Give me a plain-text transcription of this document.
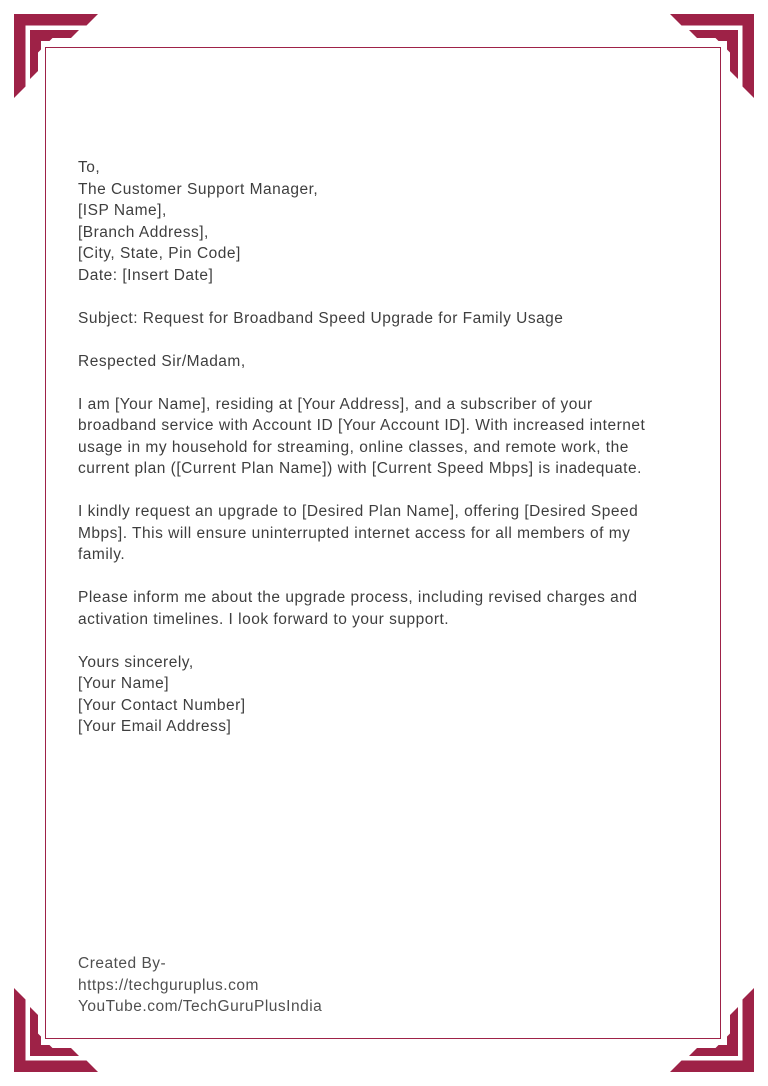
To,
The Customer Support Manager,
[ISP Name],
[Branch Address],
[City, State, Pin Code]
Date: [Insert Date]
Subject: Request for Broadband Speed Upgrade for Family Usage
Respected Sir/Madam,
I am [Your Name], residing at [Your Address], and a subscriber of your
broadband service with Account ID [Your Account ID]. With increased internet
usage in my household for streaming, online classes, and remote work, the
current plan ([Current Plan Name]) with [Current Speed Mbps] is inadequate.
I kindly request an upgrade to [Desired Plan Name], offering [Desired Speed
Mbps]. This will ensure uninterrupted internet access for all members of my
family.
Please inform me about the upgrade process, including revised charges and
activation timelines. I look forward to your support.
Yours sincerely,
[Your Name]
[Your Contact Number]
[Your Email Address]
Created By-
https://techguruplus.com
YouTube.com/TechGuruPlusIndia
